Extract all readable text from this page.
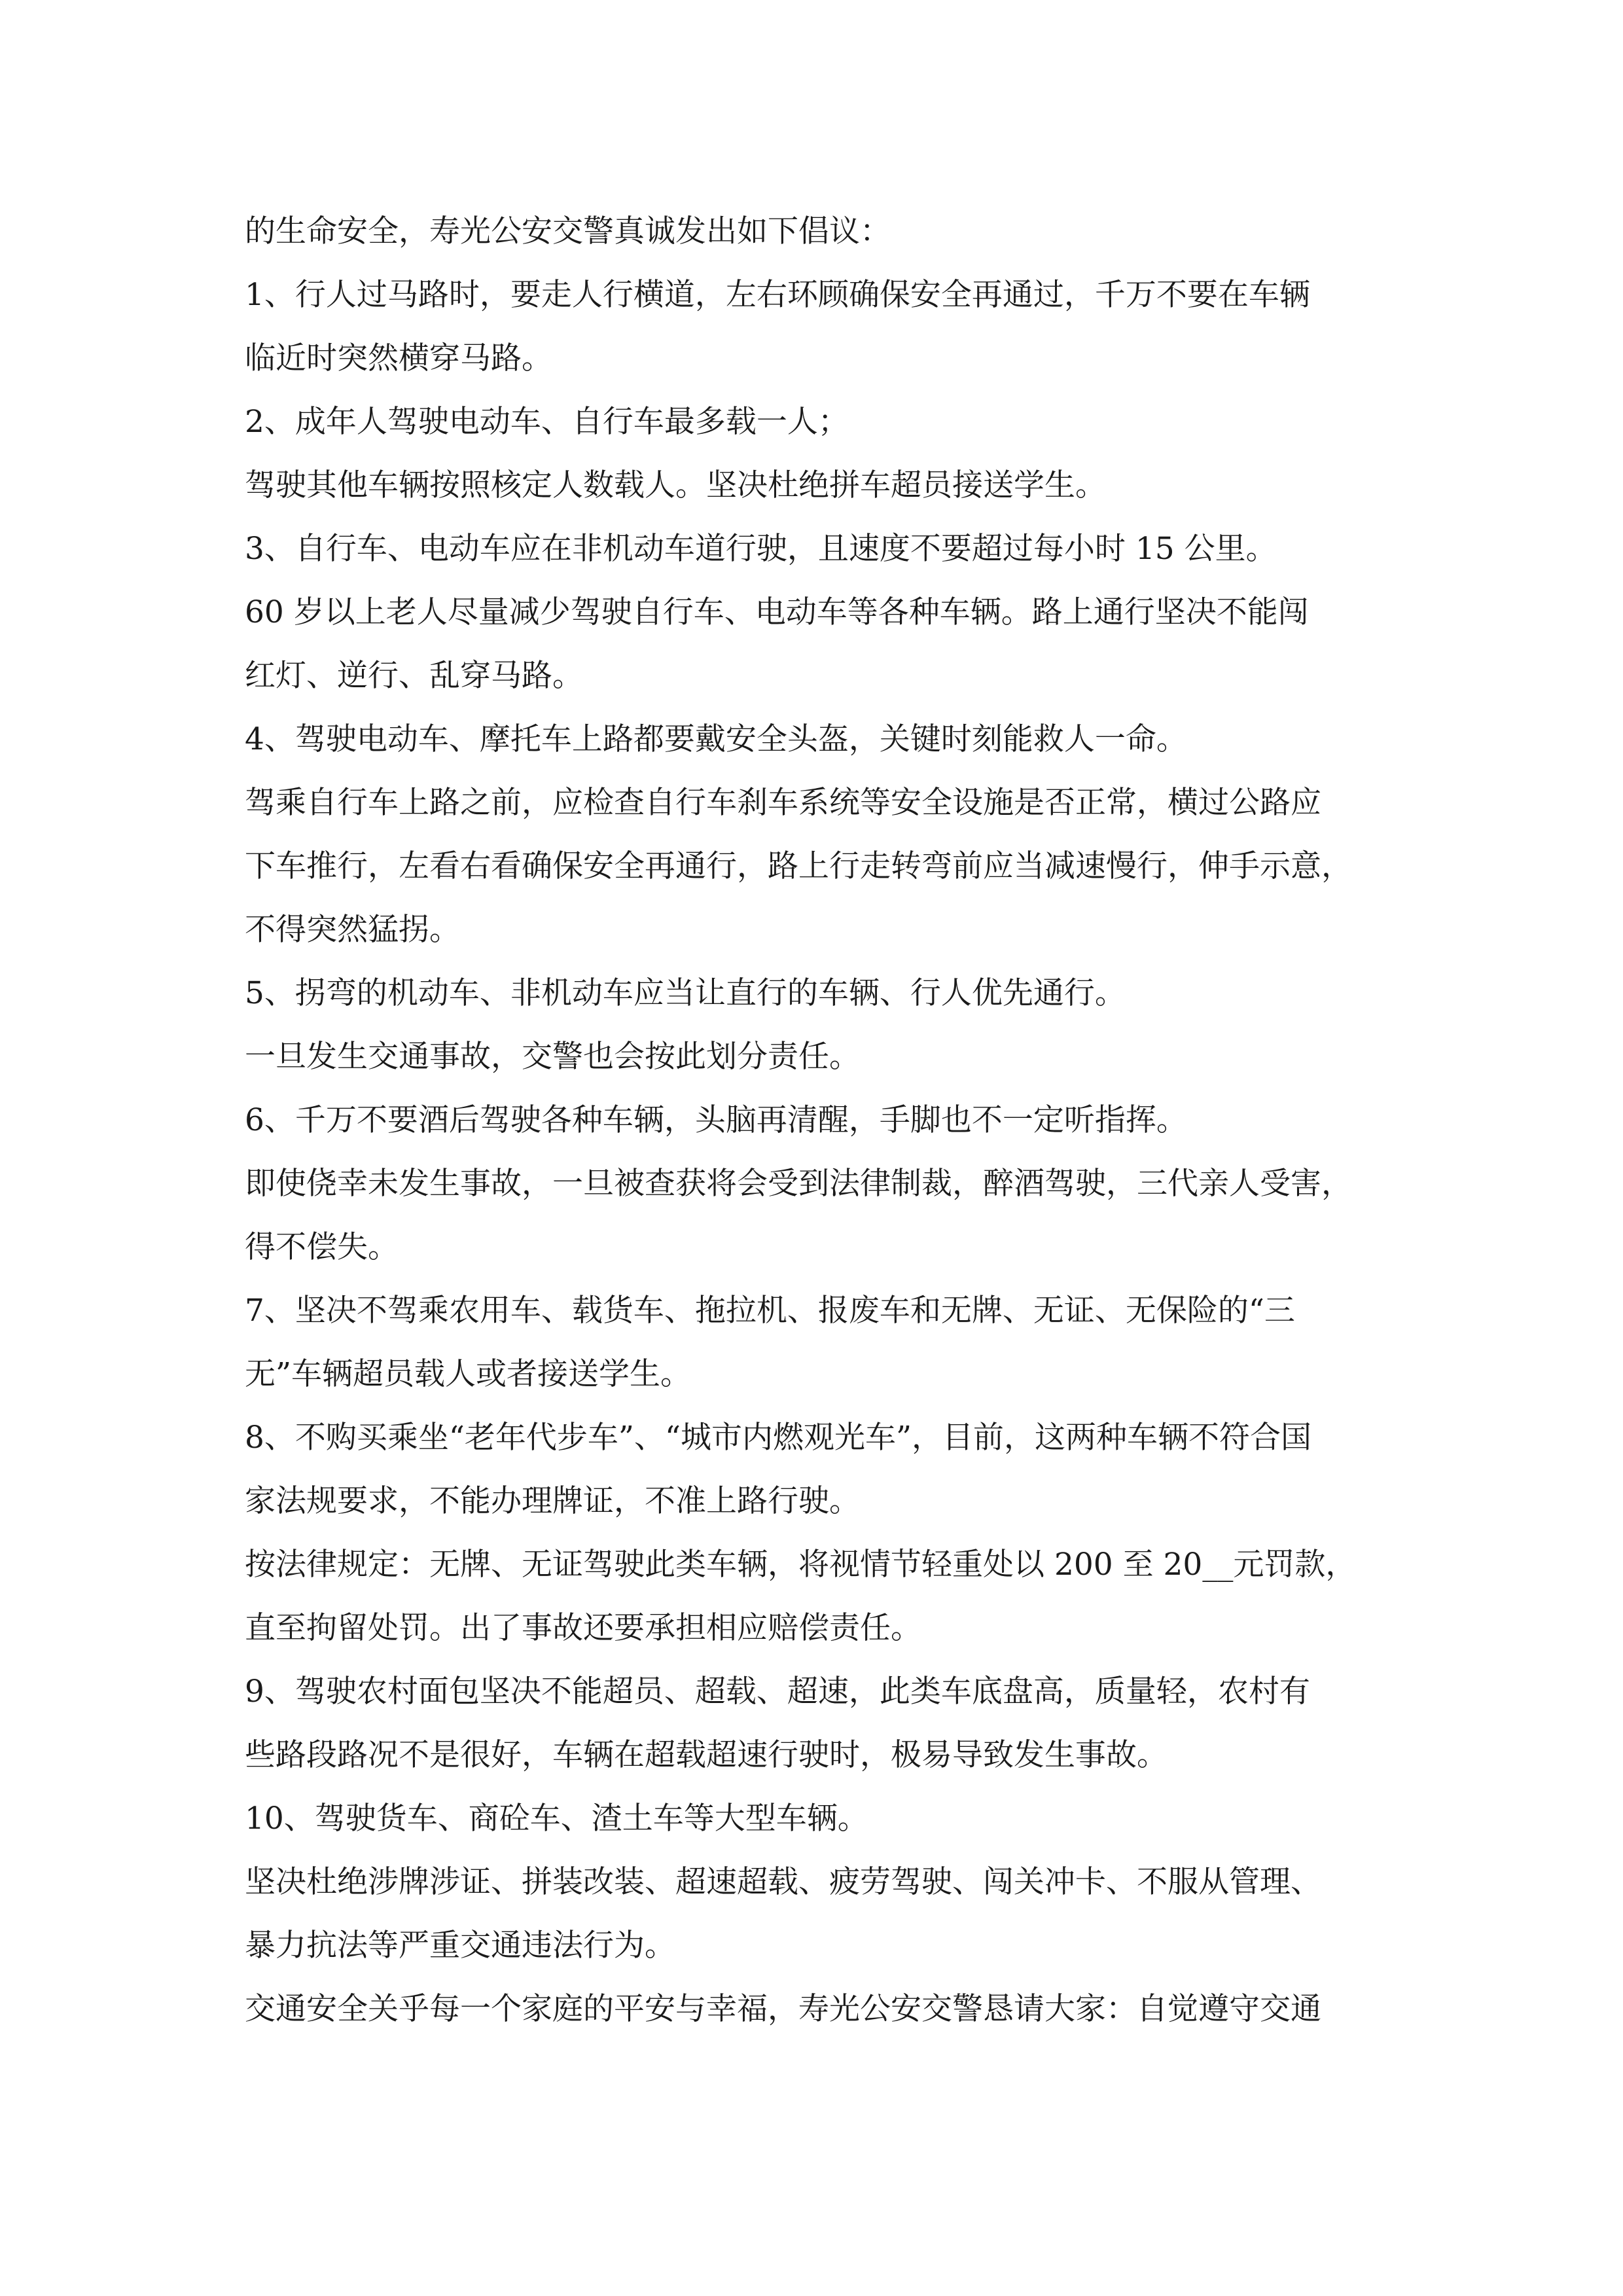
的生命安全，寿光公安交警真诚发出如下倡议：
1、行人过马路时，要走人行横道，左右环顾确保安全再通过，千万不要在车辆
临近时突然横穿马路。
2、成年人驾驶电动车、自行车最多载一人；
驾驶其他车辆按照核定人数载人。坚决杜绝拼车超员接送学生。
3、自行车、电动车应在非机动车道行驶，且速度不要超过每小时 15 公里。
60 岁以上老人尽量减少驾驶自行车、电动车等各种车辆。路上通行坚决不能闯
红灯、逆行、乱穿马路。
4、驾驶电动车、摩托车上路都要戴安全头盔，关键时刻能救人一命。
驾乘自行车上路之前，应检查自行车刹车系统等安全设施是否正常，横过公路应
下车推行，左看右看确保安全再通行，路上行走转弯前应当减速慢行，伸手示意，
不得突然猛拐。
5、拐弯的机动车、非机动车应当让直行的车辆、行人优先通行。
一旦发生交通事故，交警也会按此划分责任。
6、千万不要酒后驾驶各种车辆，头脑再清醒，手脚也不一定听指挥。
即使侥幸未发生事故，一旦被查获将会受到法律制裁，醉酒驾驶，三代亲人受害，
得不偿失。
7、坚决不驾乘农用车、载货车、拖拉机、报废车和无牌、无证、无保险的“三
无”车辆超员载人或者接送学生。
8、不购买乘坐“老年代步车”、“城市内燃观光车”，目前，这两种车辆不符合国
家法规要求，不能办理牌证，不准上路行驶。
按法律规定：无牌、无证驾驶此类车辆，将视情节轻重处以 200 至 20__元罚款，
直至拘留处罚。出了事故还要承担相应赔偿责任。
9、驾驶农村面包坚决不能超员、超载、超速，此类车底盘高，质量轻，农村有
些路段路况不是很好，车辆在超载超速行驶时，极易导致发生事故。
10、驾驶货车、商砼车、渣土车等大型车辆。
坚决杜绝涉牌涉证、拼装改装、超速超载、疲劳驾驶、闯关冲卡、不服从管理、
暴力抗法等严重交通违法行为。
交通安全关乎每一个家庭的平安与幸福，寿光公安交警恳请大家：自觉遵守交通
